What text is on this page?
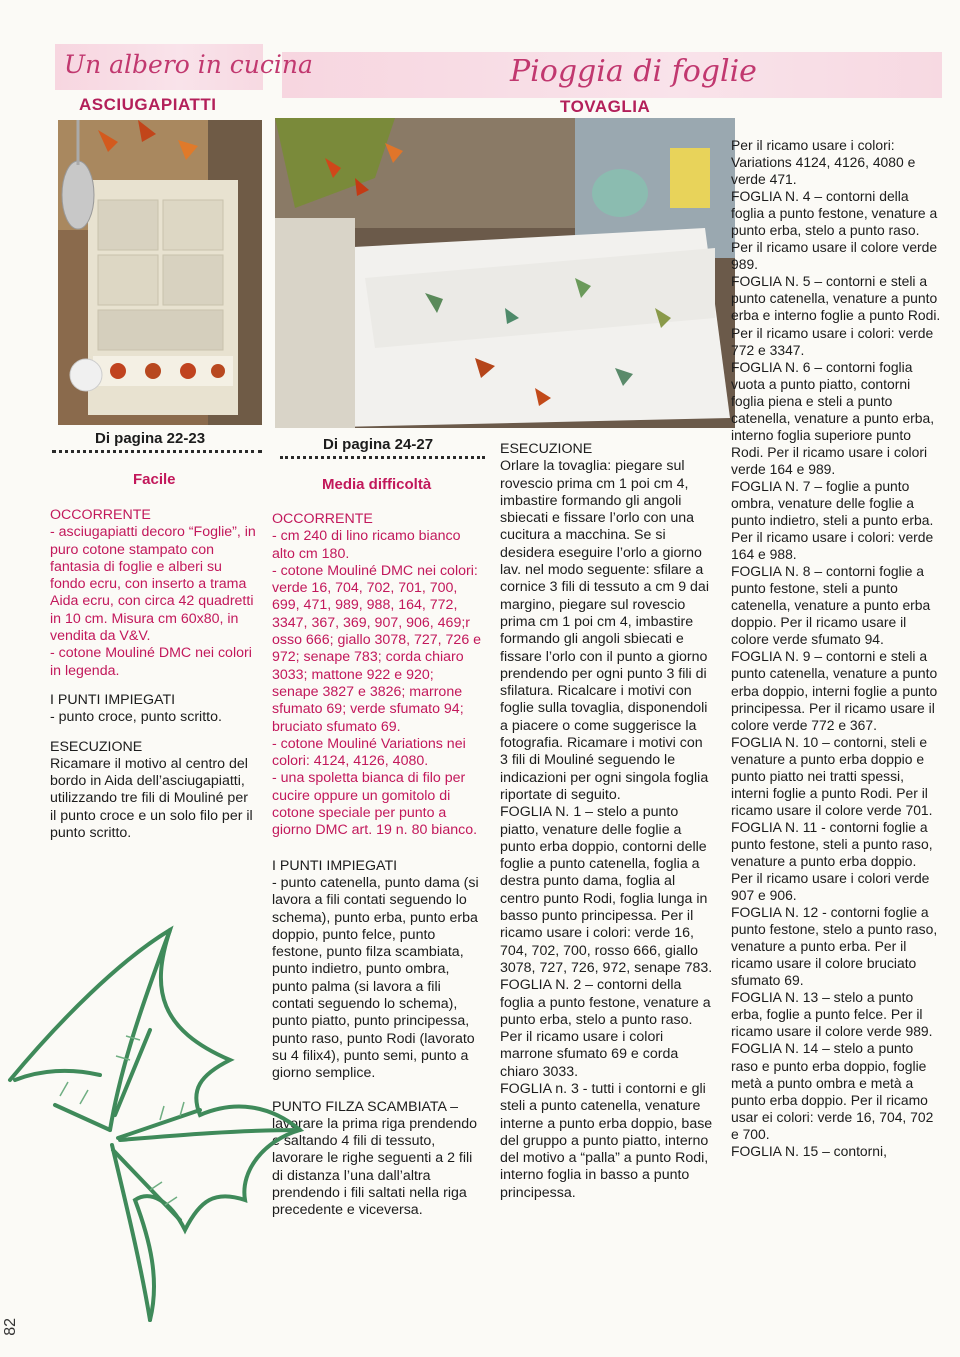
Un albero in cucina
ASCIUGAPIATTI
Pioggia di foglie
TOVAGLIA
Di pagina 22-23
Facile
Di pagina 24-27
Media difficoltà

OCCORRENTE

- asciugapiatti decoro “Foglie”, in puro cotone stampato con fantasia di foglie e alberi su fondo ecru, con inserto a trama Aida ecru, con circa 42 quadretti in 10 cm. Misura cm 60x80, in vendita da V&V.

- cotone Mouliné DMC nei colori in legenda.

I PUNTI IMPIEGATI

- punto croce, punto scritto.

ESECUZIONE

Ricamare il motivo al centro del bordo in Aida dell’asciugapiatti, utilizzando tre fili di Mouliné per il punto croce e un solo filo per il punto scritto.

OCCORRENTE

- cm 240 di lino ricamo bianco alto cm 180.

- cotone Mouliné DMC nei colori: verde 16, 704, 702, 701, 700, 699, 471, 989, 988, 164, 772, 3347, 367, 369, 907, 906, 469;r osso 666; giallo 3078, 727, 726 e 972; senape 783; corda chiaro 3033; mattone 922 e 920; senape 3827 e 3826; marrone sfumato 69; verde sfumato 94; bruciato sfumato 69.

- cotone Mouliné Variations nei colori: 4124, 4126, 4080.

- una spoletta bianca di filo per cucire oppure un gomitolo di cotone speciale per punto a giorno DMC art. 19 n. 80 bianco.

I PUNTI IMPIEGATI

- punto catenella, punto dama (si lavora a fili contati seguendo lo schema), punto erba, punto erba doppio, punto felce, punto festone, punto filza scambiata, punto indietro, punto ombra, punto palma (si lavora a fili contati seguendo lo schema), punto piatto, punto principessa, punto raso, punto Rodi (lavorato su 4 filix4), punto semi, punto a giorno semplice.

PUNTO FILZA SCAMBIATA –

lavorare la prima riga prendendo e saltando 4 fili di tessuto, lavorare le righe seguenti a 2 fili di distanza l’una dall’altra prendendo i fili saltati nella riga precedente e viceversa.

ESECUZIONE

Orlare la tovaglia: piegare sul rovescio prima cm 1 poi cm 4, imbastire formando gli angoli sbiecati e fissare l’orlo con una cucitura a macchina. Se si desidera eseguire l’orlo a giorno lav. nel modo seguente: sfilare a cornice 3 fili di tessuto a cm 9 dai margino, piegare sul rovescio prima cm 1 poi cm 4, imbastire formando gli angoli sbiecati e fissare l’orlo con il punto a giorno prendendo per ogni punto 3 fili di sfilatura. Ricalcare i motivi con foglie sulla tovaglia, disponendoli a piacere o come suggerisce la fotografia. Ricamare i motivi con 3 fili di Mouliné seguendo le indicazioni per ogni singola foglia riportate di seguito.

FOGLIA N. 1 – stelo a punto piatto, venature delle foglie a punto erba doppio, contorni delle foglie a punto catenella, foglia a destra punto dama, foglia al centro punto Rodi, foglia lunga in basso punto principessa. Per il ricamo usare i colori: verde 16, 704, 702, 700, rosso 666, giallo 3078, 727, 726, 972, senape 783.

FOGLIA N. 2 – contorni della foglia a punto festone, venature a punto erba, stelo a punto raso. Per il ricamo usare i colori marrone sfumato 69 e corda chiaro 3033.

FOGLIA n. 3 - tutti i contorni e gli steli a punto catenella, venature interne a punto erba doppio, base del gruppo a punto piatto, interno del motivo a “palla” a punto Rodi, interno foglia in basso a punto principessa.

Per il ricamo usare i colori: Variations 4124, 4126, 4080 e verde 471.

FOGLIA N. 4 – contorni della foglia a punto festone, venature a punto erba, stelo a punto raso. Per il ricamo usare il colore verde 989.

FOGLIA N. 5 – contorni e steli a punto catenella, venature a punto erba e interno foglie a punto Rodi. Per il ricamo usare i colori: verde 772 e 3347.

FOGLIA N. 6 – contorni foglia vuota a punto piatto, contorni foglia piena e steli a punto catenella, venature a punto erba, interno foglia superiore punto Rodi. Per il ricamo usare i colori verde 164 e 989.

FOGLIA N. 7 – foglie a punto ombra, venature delle foglie a punto indietro, steli a punto erba. Per il ricamo usare i colori: verde 164 e 988.

FOGLIA N. 8 – contorni foglie a punto festone, steli a punto catenella, venature a punto erba doppio. Per il ricamo usare il colore verde sfumato 94.

FOGLIA N. 9 – contorni e steli a punto catenella, venature a punto erba doppio, interni foglie a punto principessa. Per il ricamo usare il colore verde 772 e 367.

FOGLIA N. 10 – contorni, steli e venature a punto erba doppio e punto piatto nei tratti spessi, interni foglie a punto Rodi. Per il ricamo usare il colore verde 701.

FOGLIA N. 11 - contorni foglie a punto festone, steli a punto raso, venature a punto erba doppio. Per il ricamo usare i colori verde 907 e 906.

FOGLIA N. 12 - contorni foglie a punto festone, stelo a punto raso, venature a punto erba. Per il ricamo usare il colore bruciato sfumato 69.

FOGLIA N. 13 – stelo a punto erba, foglie a punto felce. Per il ricamo usare il colore verde 989.

FOGLIA N. 14 – stelo a punto raso e punto erba doppio, foglie metà a punto ombra e metà a punto erba doppio. Per il ricamo usar ei colori: verde 16, 704, 702 e 700.

FOGLIA N. 15 – contorni,

82
